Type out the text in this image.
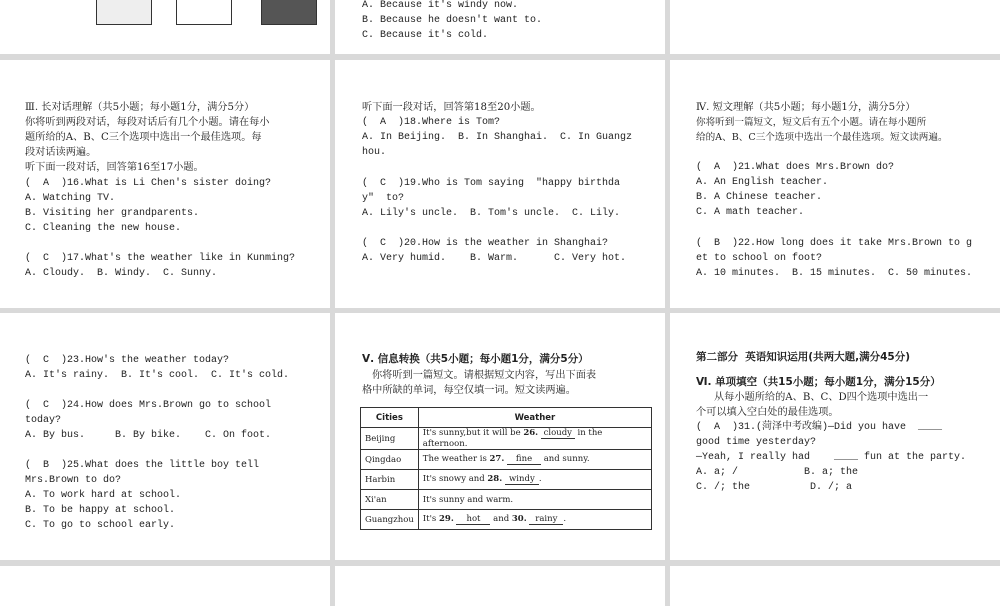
A. Because it's windy now.
B. Because he doesn't want to.
C. Because it's cold.
Ⅲ. 长对话理解（共5小题；每小题1分，满分5分）
你将听到两段对话，每段对话后有几个小题。请在每小
题所给的A、B、C三个选项中选出一个最佳选项。每
段对话读两遍。
听下面一段对话，回答第16至17小题。
(  A  )16.What is Li Chen's sister doing?
A. Watching TV.
B. Visiting her grandparents.
C. Cleaning the new house.
(  C  )17.What's the weather like in Kunming?
A. Cloudy.  B. Windy.  C. Sunny.
听下面一段对话，回答第18至20小题。
(  A  )18.Where is Tom?
A. In Beijing.  B. In Shanghai.  C. In Guangz
hou.
(  C  )19.Who is Tom saying  "happy birthda
y"  to?
A. Lily's uncle.  B. Tom's uncle.  C. Lily.
(  C  )20.How is the weather in Shanghai?
A. Very humid.    B. Warm.      C. Very hot.
Ⅳ. 短文理解（共5小题；每小题1分，满分5分）
你将听到一篇短文，短文后有五个小题。请在每小题所
给的A、B、C三个选项中选出一个最佳选项。短文读两遍。
(  A  )21.What does Mrs.Brown do?
A. An English teacher.
B. A Chinese teacher.
C. A math teacher.
(  B  )22.How long does it take Mrs.Brown to g
et to school on foot?
A. 10 minutes.  B. 15 minutes.  C. 50 minutes.
(  C  )23.How's the weather today?
A. It's rainy.  B. It's cool.  C. It's cold.
(  C  )24.How does Mrs.Brown go to school
today?
A. By bus.     B. By bike.    C. On foot.
(  B  )25.What does the little boy tell
Mrs.Brown to do?
A. To work hard at school.
B. To be happy at school.
C. To go to school early.
Ⅴ. 信息转换（共5小题；每小题1分，满分5分）
你将听到一篇短文。请根据短文内容，写出下面表
格中所缺的单词，每空仅填一词。短文读两遍。
Cities	Weather
Beijing	It's sunny,but it will be 26. cloudy in the afternoon.
Qingdao	The weather is 27. fine and sunny.
Harbin	It's snowy and 28. windy .
Xi'an	It's sunny and warm.
Guangzhou	It's 29. hot and 30. rainy .
第二部分  英语知识运用(共两大题,满分45分)
Ⅵ. 单项填空（共15小题；每小题1分，满分15分）
从每小题所给的A、B、C、D四个选项中选出一
个可以填入空白处的最佳选项。
(  A  )31.(菏泽中考改编)—Did you have  ____
good time yesterday?
—Yeah, I really had    ____ fun at the party.
A. a; /           B. a; the
C. /; the          D. /; a
